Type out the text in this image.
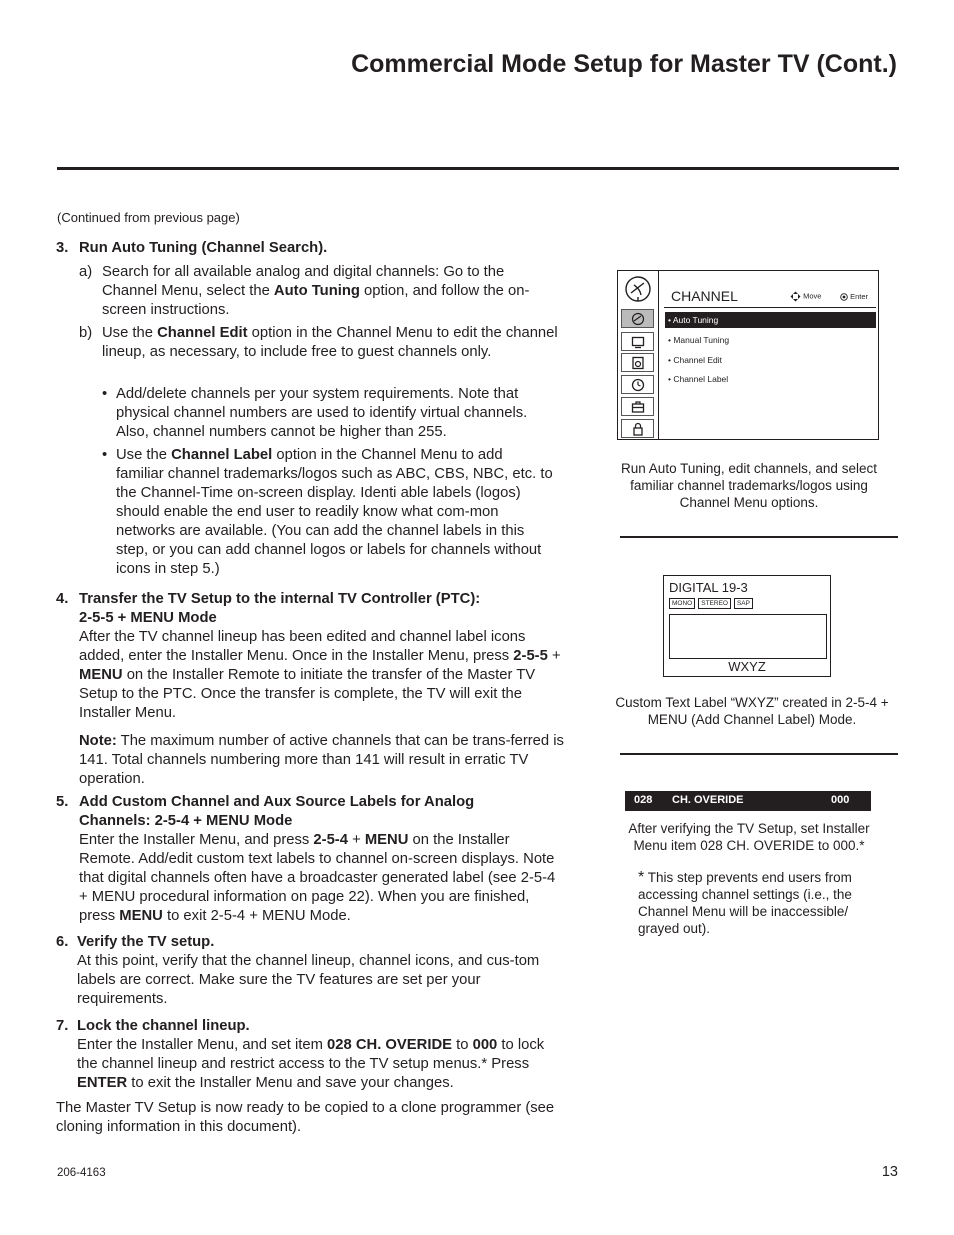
Commercial Mode Setup for Master TV (Cont.)
(Continued from previous page)
3. Run Auto Tuning (Channel Search).

a) Search for all available analog and digital channels: Go to the Channel Menu, select the Auto Tuning option, and follow the on-screen instructions.

b) Use the Channel Edit option in the Channel Menu to edit the channel lineup, as necessary, to include free to guest channels only.

• Add/delete channels per your system requirements. Note that physical channel numbers are used to identify virtual channels. Also, channel numbers cannot be higher than 255.

• Use the Channel Label option in the Channel Menu to add familiar channel trademarks/logos such as ABC, CBS, NBC, etc. to the Channel-Time on-screen display. Identi able labels (logos) should enable the end user to readily know what com-mon networks are available. (You can add the channel labels in this step, or you can add channel logos or labels for channels without icons in step 5.)

4. Transfer the TV Setup to the internal TV Controller (PTC):

2-5-5 + MENU Mode

After the TV channel lineup has been edited and channel label icons added, enter the Installer Menu. Once in the Installer Menu, press 2-5-5 + MENU on the Installer Remote to initiate the transfer of the Master TV Setup to the PTC. Once the transfer is complete, the TV will exit the Installer Menu.

Note: The maximum number of active channels that can be trans-ferred is 141. Total channels numbering more than 141 will result in erratic TV operation.

5. Add Custom Channel and Aux Source Labels for Analog

Channels: 2-5-4 + MENU Mode

Enter the Installer Menu, and press 2-5-4 + MENU on the Installer Remote. Add/edit custom text labels to channel on-screen displays. Note that digital channels often have a broadcaster generated label (see 2-5-4 + MENU procedural information on page 22). When you are finished, press MENU to exit 2-5-4 + MENU Mode.

6. Verify the TV setup.

At this point, verify that the channel lineup, channel icons, and cus-tom labels are correct. Make sure the TV features are set per your requirements.

7. Lock the channel lineup.

Enter the Installer Menu, and set item 028 CH. OVERIDE to 000 to lock the channel lineup and restrict access to the TV setup menus.* Press ENTER to exit the Installer Menu and save your changes.

The Master TV Setup is now ready to be copied to a clone programmer (see cloning information in this document).

CHANNEL	Move	Enter
• Auto Tuning
• Manual Tuning
• Channel Edit
• Channel Label
Run Auto Tuning, edit channels, and select familiar channel trademarks/logos using Channel Menu options.
DIGITAL 19-3
MONO	STEREO	SAP
WXYZ
Custom Text Label “WXYZ” created in 2-5-4 + MENU (Add Channel Label) Mode.
028 CH. OVERIDE	000
After verifying the TV Setup, set Installer Menu item 028 CH. OVERIDE to 000.*
* This step prevents end users from accessing channel settings (i.e., the Channel Menu will be inaccessible/ grayed out).
206-4163	13
